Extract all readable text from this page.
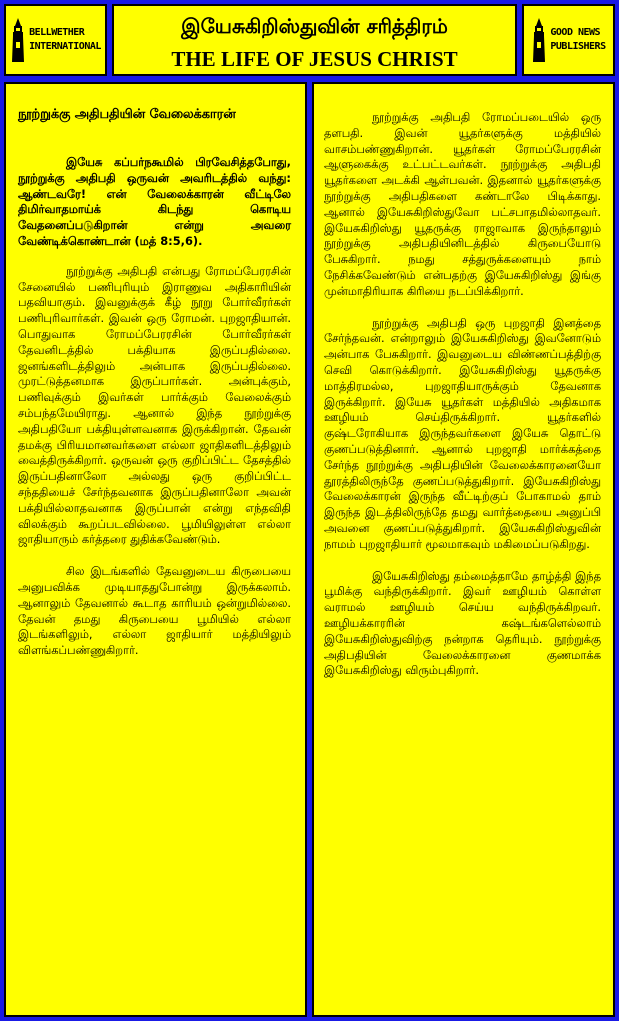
BELLWETHER
INTERNATIONAL
இயேசுகிறிஸ்துவின் சரித்திரம்
THE LIFE OF JESUS CHRIST
GOOD NEWS
PUBLISHERS

நூற்றுக்கு அதிபதியின் வேலைக்காரன்

இயேசு கப்பர்நகூமில் பிரவேசித்தபோது, நூற்றுக்கு அதிபதி ஒருவன் அவரிடத்தில் வந்து: ஆண்டவரே! என் வேலைக்காரன் வீட்டிலே திமிர்வாதமாய்க் கிடந்து கொடிய வேதனைப்படுகிறான் என்று அவரை வேண்டிக்கொண்டான் (மத் 8:5,6).

நூற்றுக்கு அதிபதி என்பது ரோமப்பேரரசின் சேனையில் பணிபுரியும் இராணுவ அதிகாரியின் பதவியாகும். இவனுக்குக் கீழ் நூறு போர்வீரர்கள் பணிபுரிவார்கள். இவன் ஒரு ரோமன். புறஜாதியான். பொதுவாக ரோமப்பேரரசின் போர்வீரர்கள் தேவனிடத்தில் பக்தியாக இருப்பதில்லை. ஜனங்களிடத்திலும் அன்பாக இருப்பதில்லை. முரட்டுத்தனமாக இருப்பார்கள். அன்புக்கும், பணிவுக்கும் இவர்கள் பார்க்கும் வேலைக்கும் சம்பந்தமேயிராது. ஆனால் இந்த நூற்றுக்கு அதிபதியோ பக்தியுள்ளவனாக இருக்கிறான். தேவன் தமக்கு பிரியமானவர்களை எல்லா ஜாதிகளிடத்திலும் வைத்திருக்கிறார். ஒருவன் ஒரு குறிப்பிட்ட தேசத்தில் இருப்பதினாலோ அல்லது ஒரு குறிப்பிட்ட சந்ததியைச் சேர்ந்தவனாக இருப்பதினாலோ அவன் பக்தியில்லாதவனாக இருப்பான் என்று எந்தவிதி விலக்கும் கூறப்படவில்லை. பூமியிலுள்ள எல்லா ஜாதியாரும் கர்த்தரை துதிக்கவேண்டும்.

சில இடங்களில் தேவனுடைய கிருபையை அனுபவிக்க முடியாததுபோன்று இருக்கலாம். ஆனாலும் தேவனால் கூடாத காரியம் ஒன்றுமில்லை. தேவன் தமது கிருபையை பூமியில் எல்லா இடங்களிலும், எல்லா ஜாதியார் மத்தியிலும் விளங்கப்பண்ணுகிறார்.

நூற்றுக்கு அதிபதி ரோமப்படையில் ஒரு தளபதி. இவன் யூதர்களுக்கு மத்தியில் வாசம்பண்ணுகிறான். யூதர்கள் ரோமப்பேரரசின் ஆளுகைக்கு உட்பட்டவர்கள். நூற்றுக்கு அதிபதி யூதர்களை அடக்கி ஆள்பவன். இதனால் யூதர்களுக்கு நூற்றுக்கு அதிபதிகளை கண்டாலே பிடிக்காது. ஆனால் இயேசுகிறிஸ்துவோ பட்சபாதமில்லாதவர். இயேசுகிறிஸ்து யூதருக்கு ராஜாவாக இருந்தாலும் நூற்றுக்கு அதிபதியினிடத்தில் கிருபையோடு பேசுகிறார். நமது சத்துருக்களையும் நாம் நேசிக்கவேண்டும் என்பதற்கு இயேசுகிறிஸ்து இங்கு முன்மாதிரியாக கிரியை நடப்பிக்கிறார்.

நூற்றுக்கு அதிபதி ஒரு புறஜாதி இனத்தை சேர்ந்தவன். என்றாலும் இயேசுகிறிஸ்து இவனோடும் அன்பாக பேசுகிறார். இவனுடைய விண்ணப்பத்திற்கு செவி கொடுக்கிறார். இயேசுகிறிஸ்து யூதருக்கு மாத்திரமல்ல, புறஜாதியாருக்கும் தேவனாக இருக்கிறார். இயேசு யூதர்கள் மத்தியில் அதிகமாக ஊழியம் செய்திருக்கிறார். யூதர்களில் குஷ்டரோகியாக இருந்தவர்களை இயேசு தொட்டு குணப்படுத்தினார். ஆனால் புறஜாதி மார்க்கத்தை சேர்ந்த நூற்றுக்கு அதிபதியின் வேலைக்காரனையோ தூரத்திலிருந்தே குணப்படுத்துகிறார். இயேசுகிறிஸ்து வேலைக்காரன் இருந்த வீட்டிற்குப் போகாமல் தாம் இருந்த இடத்திலிருந்தே தமது வார்த்தையை அனுப்பி அவனை குணப்படுத்துகிறார். இயேசுகிறிஸ்துவின் நாமம் புறஜாதியார் மூலமாகவும் மகிமைப்படுகிறது.

இயேசுகிறிஸ்து தம்மைத்தாமே தாழ்த்தி இந்த பூமிக்கு வந்திருக்கிறார். இவர் ஊழியம் கொள்ள வராமல் ஊழியம் செய்ய வந்திருக்கிறவர். ஊழியக்காரரின் கஷ்டங்களெல்லாம் இயேசுகிறிஸ்துவிற்கு நன்றாக தெரியும். நூற்றுக்கு அதிபதியின் வேலைக்காரனை குணமாக்க இயேசுகிறிஸ்து விரும்புகிறார்.
